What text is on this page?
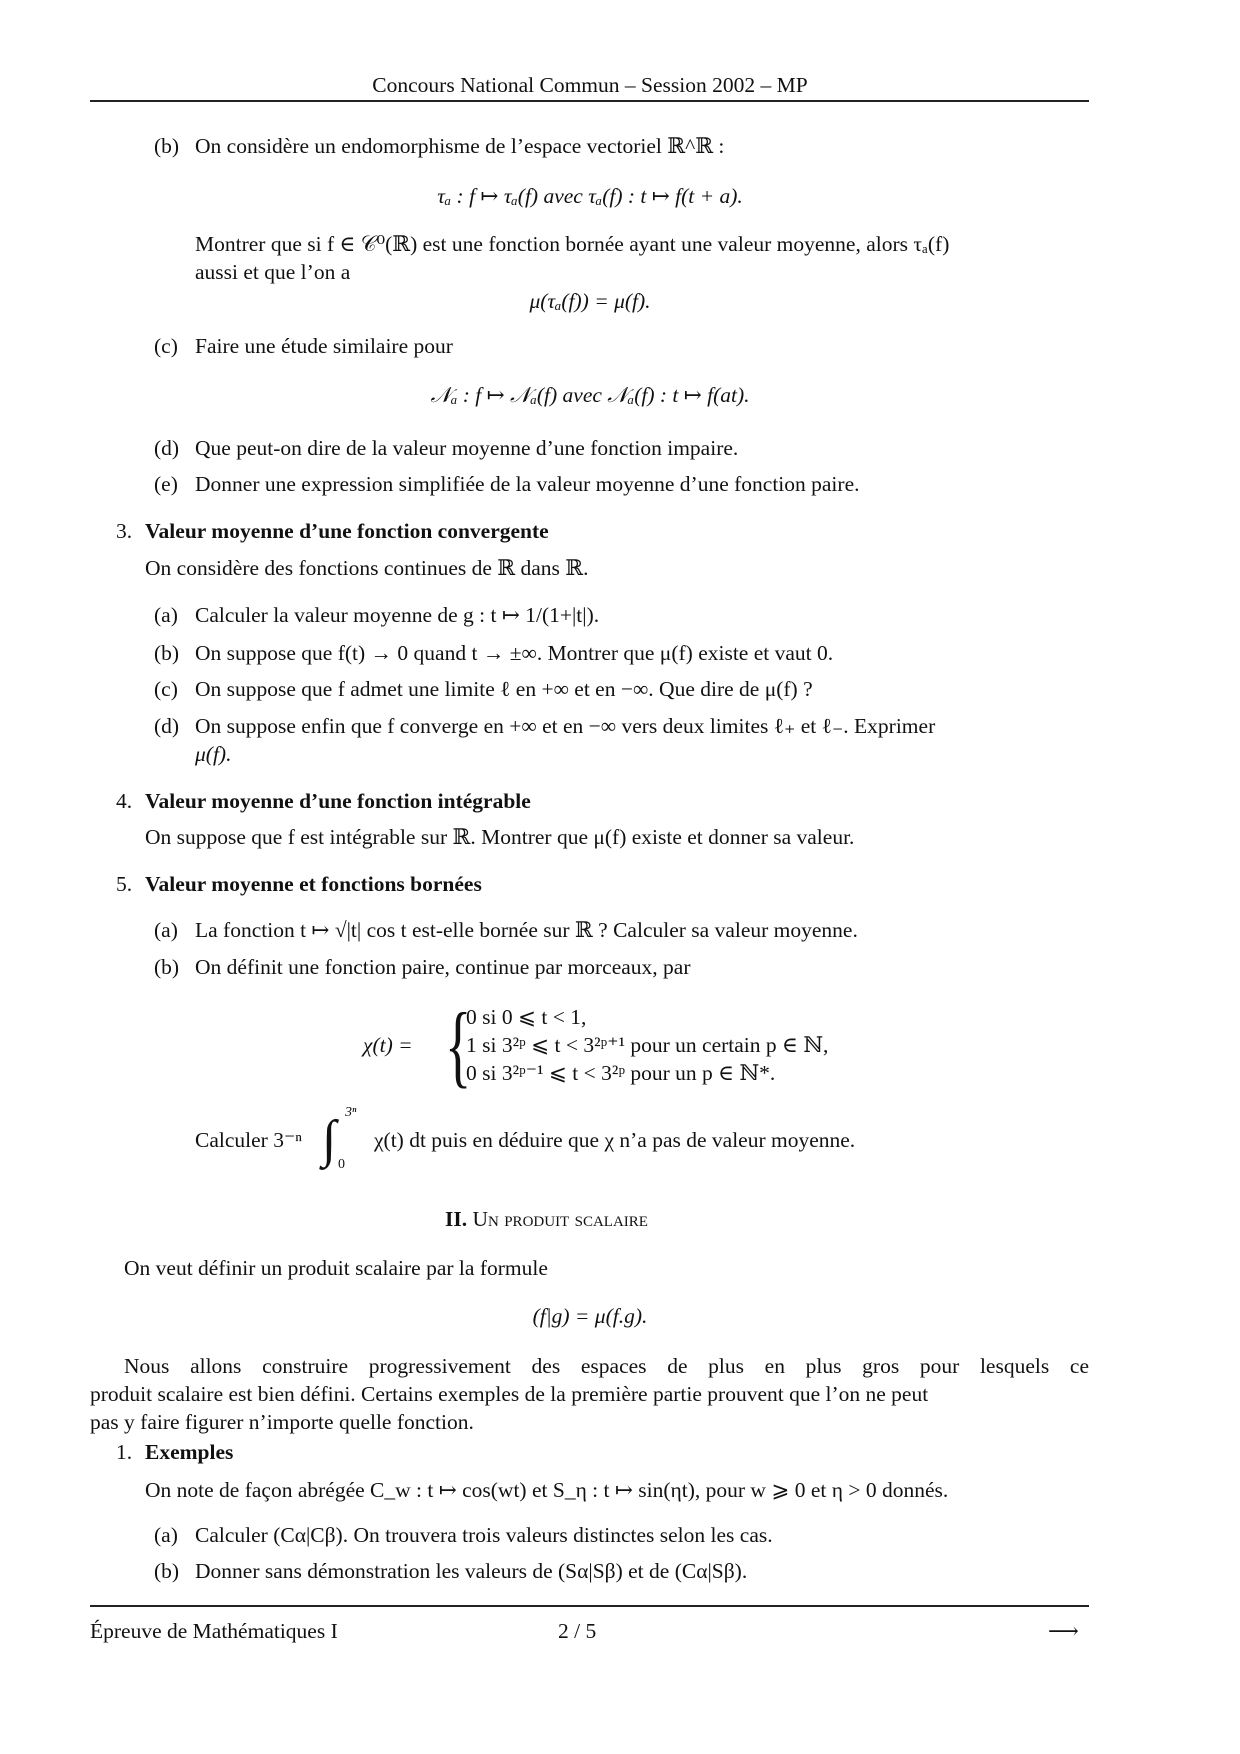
Concours National Commun – Session 2002 – MP
(b) On considère un endomorphisme de l’espace vectoriel ℝ^ℝ :
τₐ : f ↦ τₐ(f) avec τₐ(f) : t ↦ f(t + a).
Montrer que si f ∈ 𝒞⁰(ℝ) est une fonction bornée ayant une valeur moyenne, alors τₐ(f)
aussi et que l’on a
μ(τₐ(f)) = μ(f).
(c) Faire une étude similaire pour
𝒩ₐ : f ↦ 𝒩ₐ(f) avec 𝒩ₐ(f) : t ↦ f(at).
(d) Que peut-on dire de la valeur moyenne d’une fonction impaire.
(e) Donner une expression simplifiée de la valeur moyenne d’une fonction paire.
3. Valeur moyenne d’une fonction convergente
On considère des fonctions continues de ℝ dans ℝ.
(a) Calculer la valeur moyenne de g : t ↦ 1/(1+|t|).
(b) On suppose que f(t) → 0 quand t → ±∞. Montrer que μ(f) existe et vaut 0.
(c) On suppose que f admet une limite ℓ en +∞ et en −∞. Que dire de μ(f) ?
(d) On suppose enfin que f converge en +∞ et en −∞ vers deux limites ℓ₊ et ℓ₋. Exprimer
μ(f).
4. Valeur moyenne d’une fonction intégrable
On suppose que f est intégrable sur ℝ. Montrer que μ(f) existe et donner sa valeur.
5. Valeur moyenne et fonctions bornées
(a) La fonction t ↦ √|t| cos t est-elle bornée sur ℝ ? Calculer sa valeur moyenne.
(b) On définit une fonction paire, continue par morceaux, par
χ(t) = {
0 si 0 ⩽ t < 1,
1 si 3²ᵖ ⩽ t < 3²ᵖ⁺¹ pour un certain p ∈ ℕ,
0 si 3²ᵖ⁻¹ ⩽ t < 3²ᵖ pour un p ∈ ℕ*.
Calculer 3⁻ⁿ ∫ 3ⁿ
0
χ(t) dt puis en déduire que χ n’a pas de valeur moyenne.
II. Un produit scalaire
On veut définir un produit scalaire par la formule
(f|g) = μ(f.g).
Nous allons construire progressivement des espaces de plus en plus gros pour lesquels ce
produit scalaire est bien défini. Certains exemples de la première partie prouvent que l’on ne peut
pas y faire figurer n’importe quelle fonction.
1. Exemples
On note de façon abrégée C_w : t ↦ cos(wt) et S_η : t ↦ sin(ηt), pour w ⩾ 0 et η > 0 donnés.
(a) Calculer (Cα|Cβ). On trouvera trois valeurs distinctes selon les cas.
(b) Donner sans démonstration les valeurs de (Sα|Sβ) et de (Cα|Sβ).
Épreuve de Mathématiques I	2 / 5	⟶
